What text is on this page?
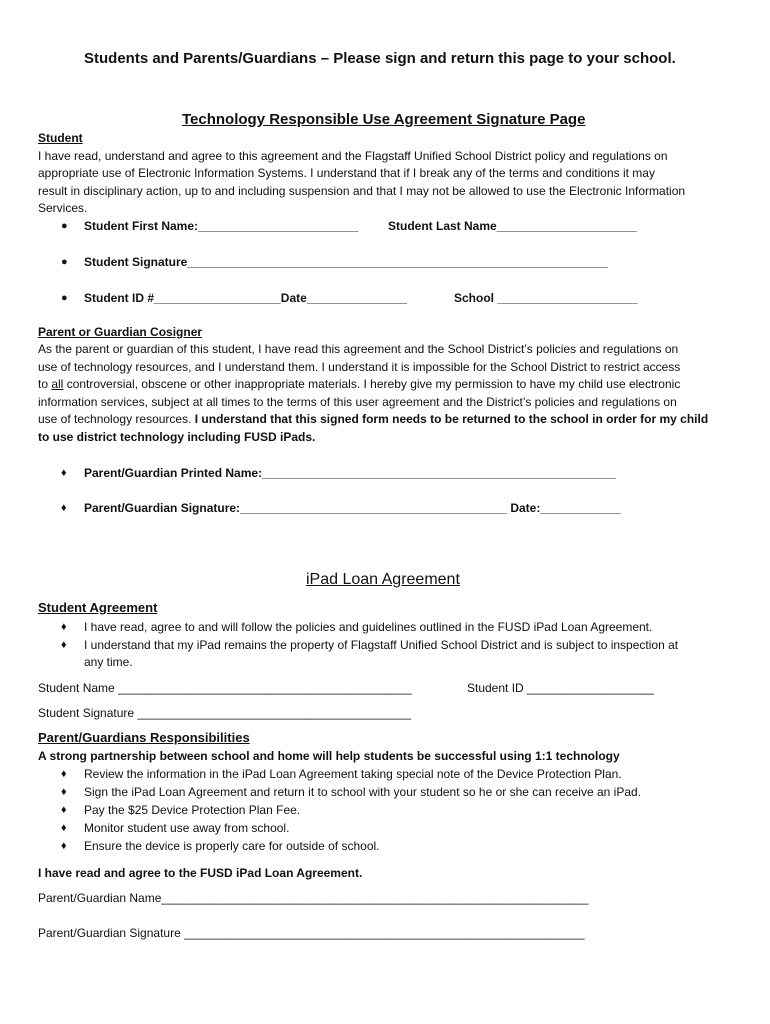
Students and Parents/Guardians – Please sign and return this page to your school.
Technology Responsible Use Agreement Signature Page
Student
I have read, understand and agree to this agreement and the Flagstaff Unified School District policy and regulations on
appropriate use of Electronic Information Systems. I understand that if I break any of the terms and conditions it may
result in disciplinary action, up to and including suspension and that I may not be allowed to use the Electronic Information
Services.
● Student First Name:________________________ Student Last Name_____________________
● Student Signature_______________________________________________________________
● Student ID #___________________Date_______________	School _____________________
Parent or Guardian Cosigner
As the parent or guardian of this student, I have read this agreement and the School District’s policies and regulations on
use of technology resources, and I understand them. I understand it is impossible for the School District to restrict access
to all controversial, obscene or other inappropriate materials. I hereby give my permission to have my child use electronic
information services, subject at all times to the terms of this user agreement and the District’s policies and regulations on
use of technology resources. I understand that this signed form needs to be returned to the school in order for my child
to use district technology including FUSD iPads.
♦ Parent/Guardian Printed Name:_____________________________________________________
♦ Parent/Guardian Signature:________________________________________ Date:____________
iPad Loan Agreement
Student Agreement
♦ I have read, agree to and will follow the policies and guidelines outlined in the FUSD iPad Loan Agreement.
♦ I understand that my iPad remains the property of Flagstaff Unified School District and is subject to inspection at
any time.
Student Name ____________________________________________	Student ID ___________________
Student Signature _________________________________________
Parent/Guardians Responsibilities
A strong partnership between school and home will help students be successful using 1:1 technology
♦ Review the information in the iPad Loan Agreement taking special note of the Device Protection Plan.
♦ Sign the iPad Loan Agreement and return it to school with your student so he or she can receive an iPad.
♦ Pay the $25 Device Protection Plan Fee.
♦ Monitor student use away from school.
♦ Ensure the device is properly care for outside of school.
I have read and agree to the FUSD iPad Loan Agreement.
Parent/Guardian Name________________________________________________________________
Parent/Guardian Signature ____________________________________________________________
